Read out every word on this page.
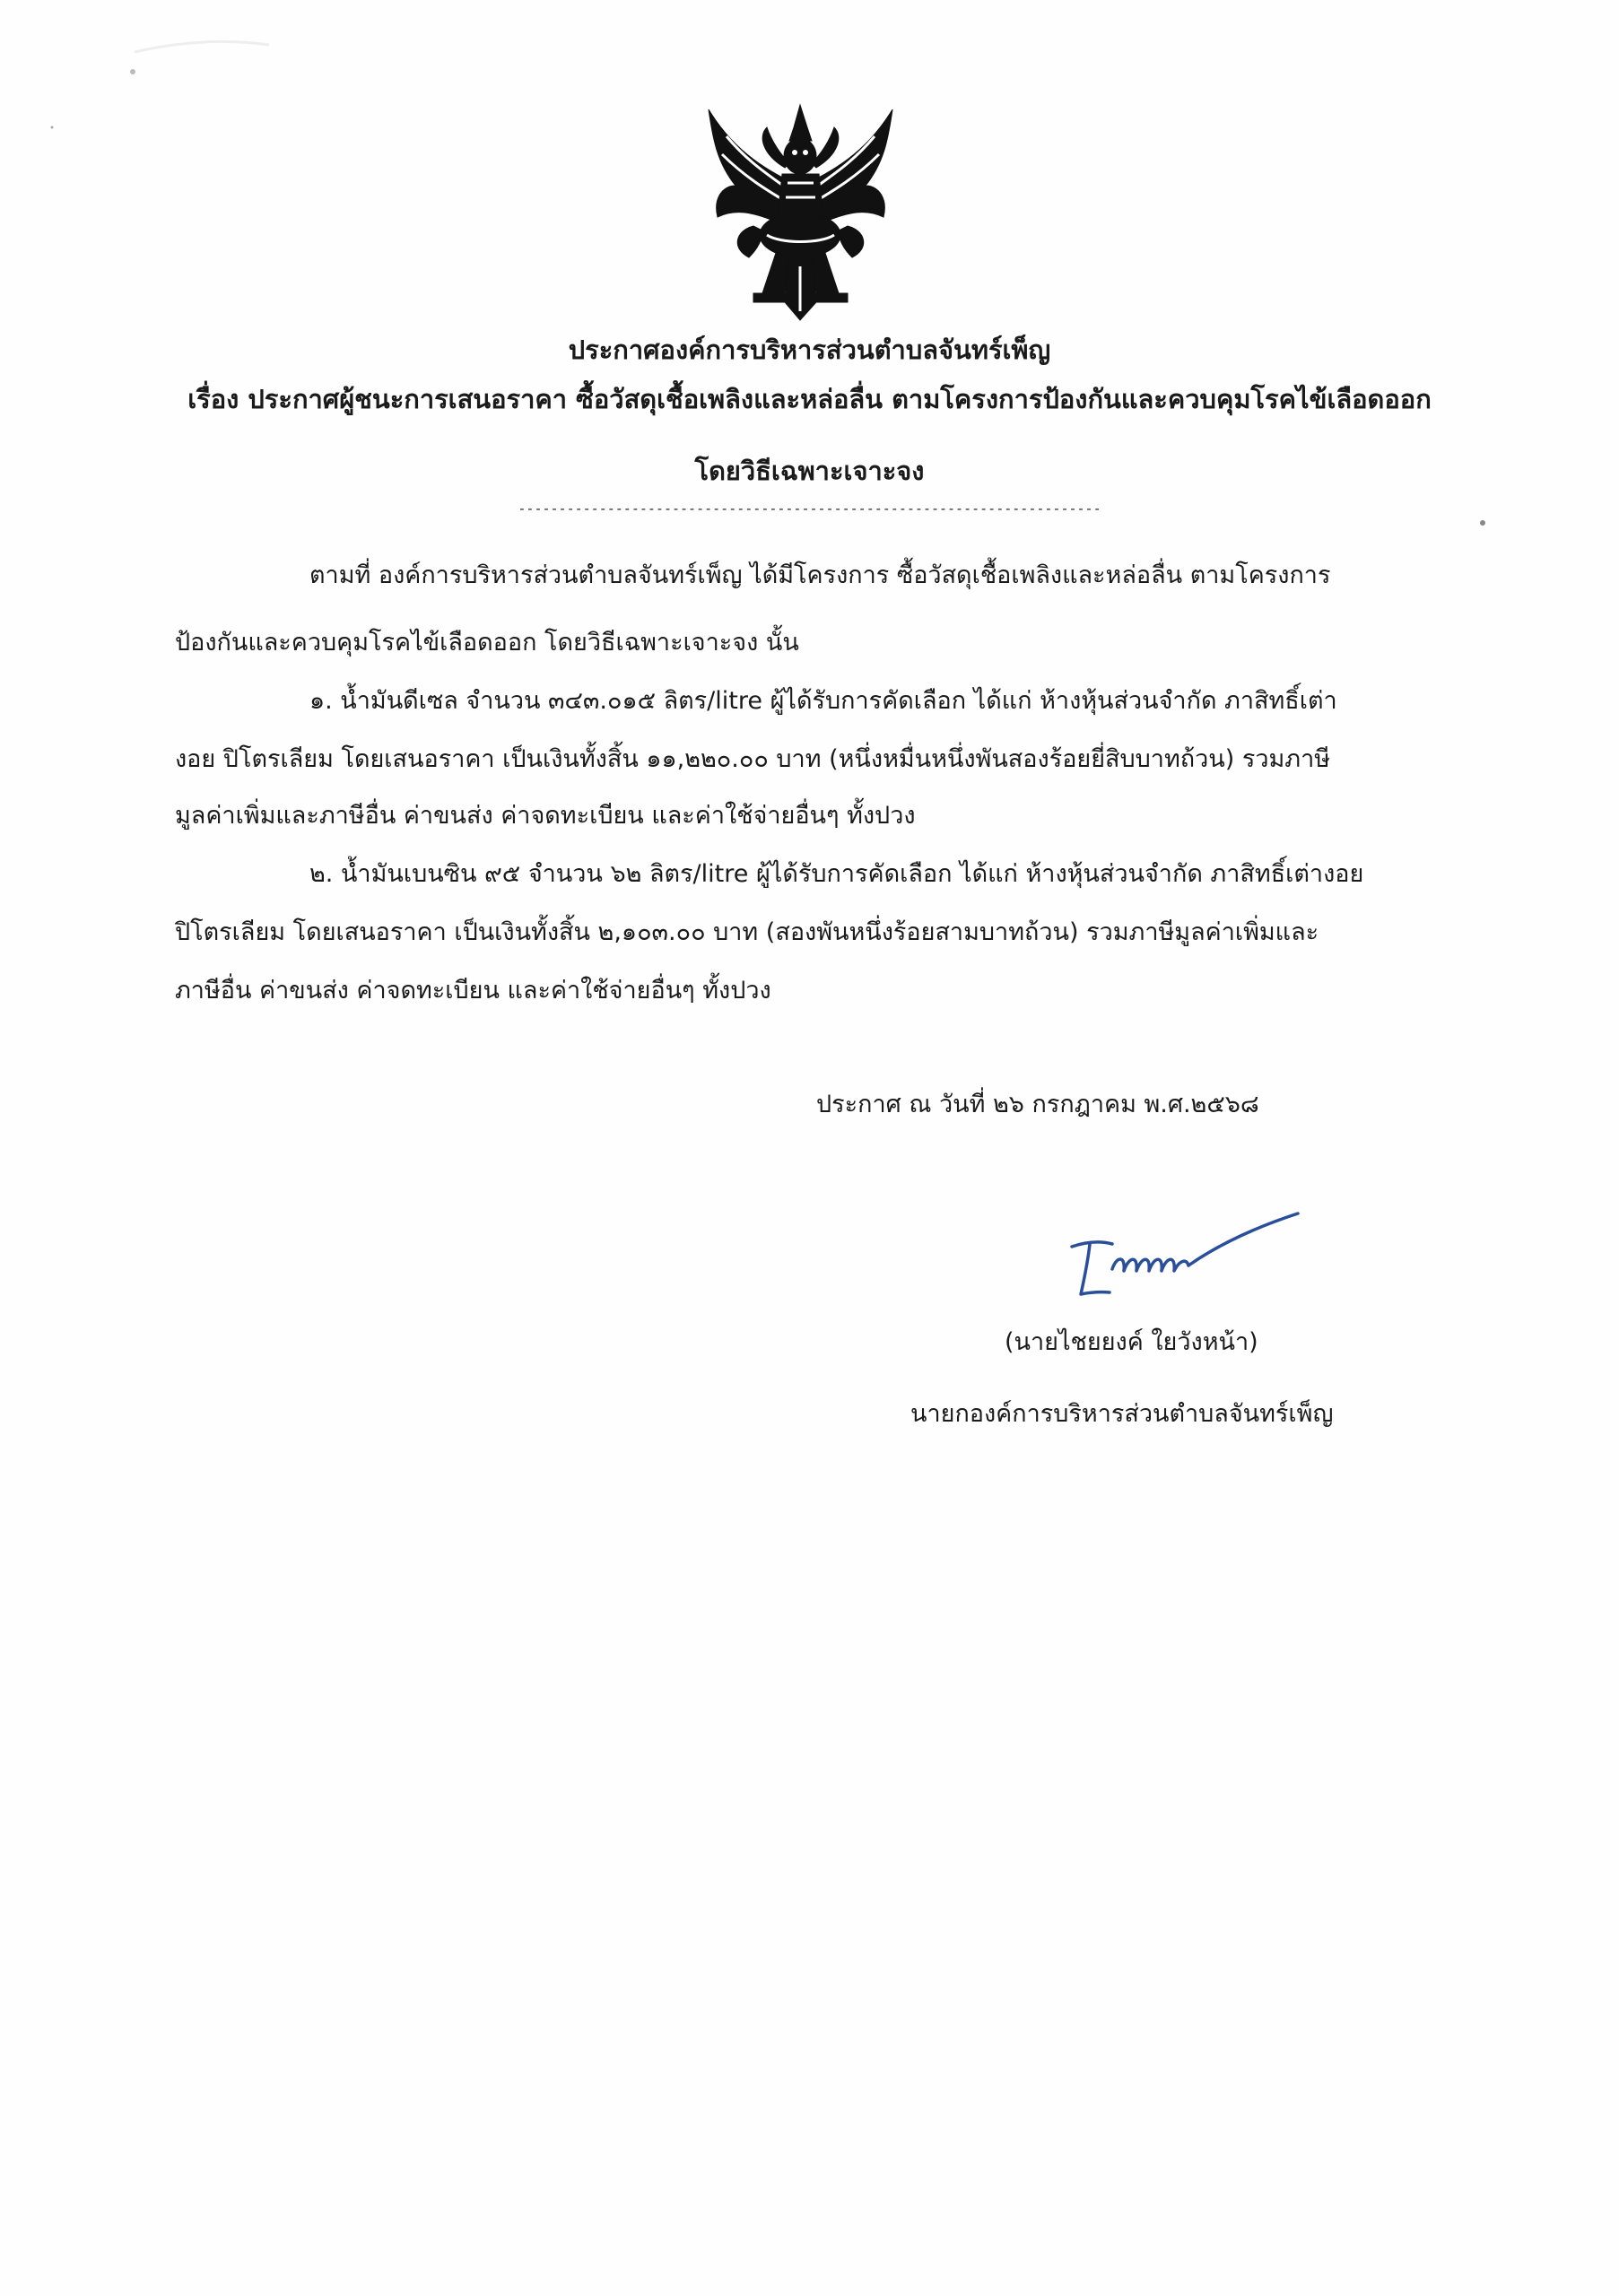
ประกาศองค์การบริหารส่วนตำบลจันทร์เพ็ญ
เรื่อง ประกาศผู้ชนะการเสนอราคา ซื้อวัสดุเชื้อเพลิงและหล่อลื่น ตามโครงการป้องกันและควบคุมโรคไข้เลือดออก
โดยวิธีเฉพาะเจาะจง
------------------------------------------------------------------------
ตามที่ องค์การบริหารส่วนตำบลจันทร์เพ็ญ ได้มีโครงการ ซื้อวัสดุเชื้อเพลิงและหล่อลื่น ตามโครงการ
ป้องกันและควบคุมโรคไข้เลือดออก โดยวิธีเฉพาะเจาะจง นั้น
๑. น้ำมันดีเซล จำนวน ๓๔๓.๐๑๕ ลิตร/litre ผู้ได้รับการคัดเลือก ได้แก่ ห้างหุ้นส่วนจำกัด ภาสิทธิ์เต่า
งอย ปิโตรเลียม โดยเสนอราคา เป็นเงินทั้งสิ้น ๑๑,๒๒๐.๐๐ บาท (หนึ่งหมื่นหนึ่งพันสองร้อยยี่สิบบาทถ้วน) รวมภาษี
มูลค่าเพิ่มและภาษีอื่น ค่าขนส่ง ค่าจดทะเบียน และค่าใช้จ่ายอื่นๆ ทั้งปวง
๒. น้ำมันเบนซิน ๙๕ จำนวน ๖๒ ลิตร/litre ผู้ได้รับการคัดเลือก ได้แก่ ห้างหุ้นส่วนจำกัด ภาสิทธิ์เต่างอย
ปิโตรเลียม โดยเสนอราคา เป็นเงินทั้งสิ้น ๒,๑๐๓.๐๐ บาท (สองพันหนึ่งร้อยสามบาทถ้วน) รวมภาษีมูลค่าเพิ่มและ
ภาษีอื่น ค่าขนส่ง ค่าจดทะเบียน และค่าใช้จ่ายอื่นๆ ทั้งปวง
ประกาศ ณ วันที่ ๒๖ กรกฎาคม พ.ศ.๒๕๖๘
(นายไชยยงค์ ใยวังหน้า)
นายกองค์การบริหารส่วนตำบลจันทร์เพ็ญ
